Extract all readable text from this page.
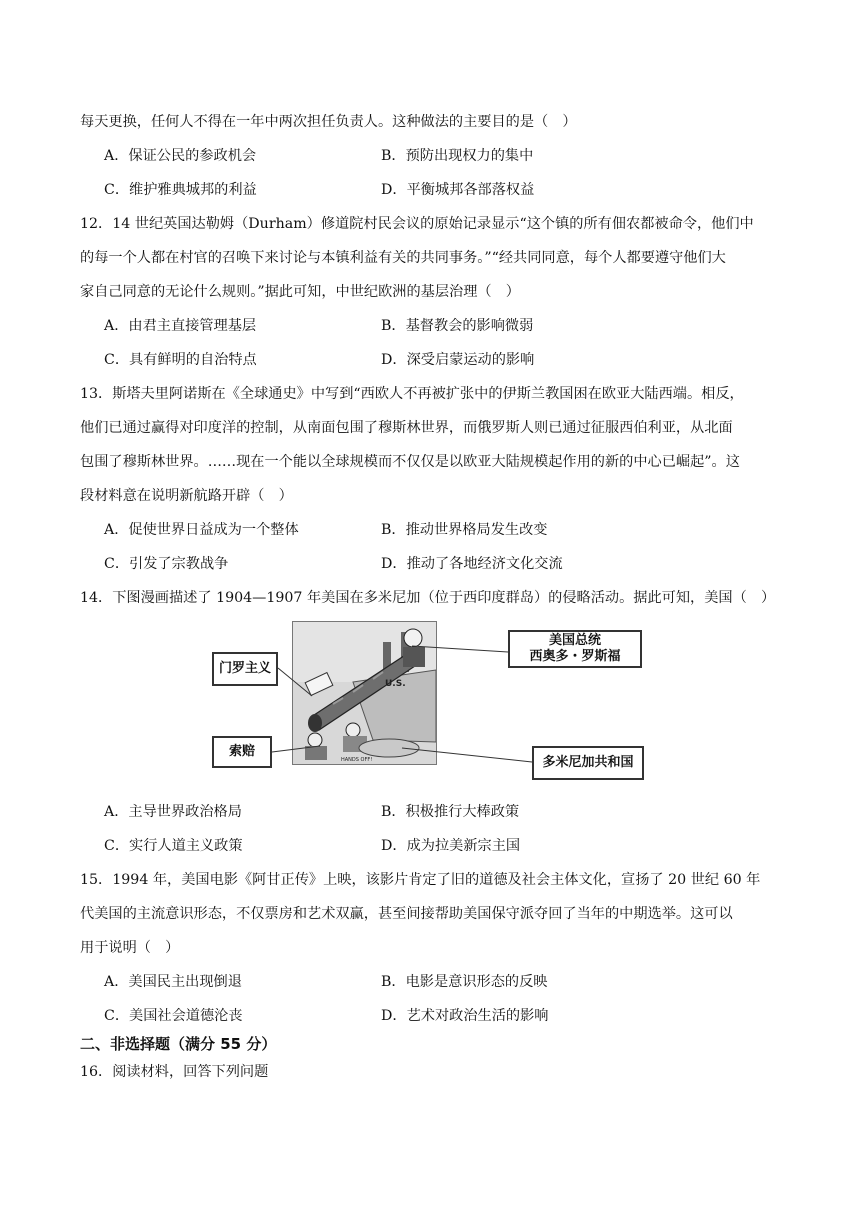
每天更换，任何人不得在一年中两次担任负责人。这种做法的主要目的是（　）
A．保证公民的参政机会	B．预防出现权力的集中
C．维护雅典城邦的利益	D．平衡城邦各部落权益
12．14 世纪英国达勒姆（Durham）修道院村民会议的原始记录显示“这个镇的所有佃农都被命令，他们中
的每一个人都在村官的召唤下来讨论与本镇利益有关的共同事务。”“经共同同意，每个人都要遵守他们大
家自己同意的无论什么规则。”据此可知，中世纪欧洲的基层治理（　）
A．由君主直接管理基层	B．基督教会的影响微弱
C．具有鲜明的自治特点	D．深受启蒙运动的影响
13．斯塔夫里阿诺斯在《全球通史》中写到“西欧人不再被扩张中的伊斯兰教国困在欧亚大陆西端。相反，
他们已通过赢得对印度洋的控制，从南面包围了穆斯林世界，而俄罗斯人则已通过征服西伯利亚，从北面
包围了穆斯林世界。……现在一个能以全球规模而不仅仅是以欧亚大陆规模起作用的新的中心已崛起”。这
段材料意在说明新航路开辟（　）
A．促使世界日益成为一个整体	B．推动世界格局发生改变
C．引发了宗教战争	D．推动了各地经济文化交流
14．下图漫画描述了 1904—1907 年美国在多米尼加（位于西印度群岛）的侵略活动。据此可知，美国（　）
U.S.
HANDS OFF!
门罗主义
美国总统
西奥多・罗斯福
索赔
多米尼加共和国
A．主导世界政治格局	B．积极推行大棒政策
C．实行人道主义政策	D．成为拉美新宗主国
15．1994 年，美国电影《阿甘正传》上映，该影片肯定了旧的道德及社会主体文化，宣扬了 20 世纪 60 年
代美国的主流意识形态，不仅票房和艺术双赢，甚至间接帮助美国保守派夺回了当年的中期选举。这可以
用于说明（　）
A．美国民主出现倒退	B．电影是意识形态的反映
C．美国社会道德沦丧	D．艺术对政治生活的影响
二、非选择题（满分 55 分）
16．阅读材料，回答下列问题
